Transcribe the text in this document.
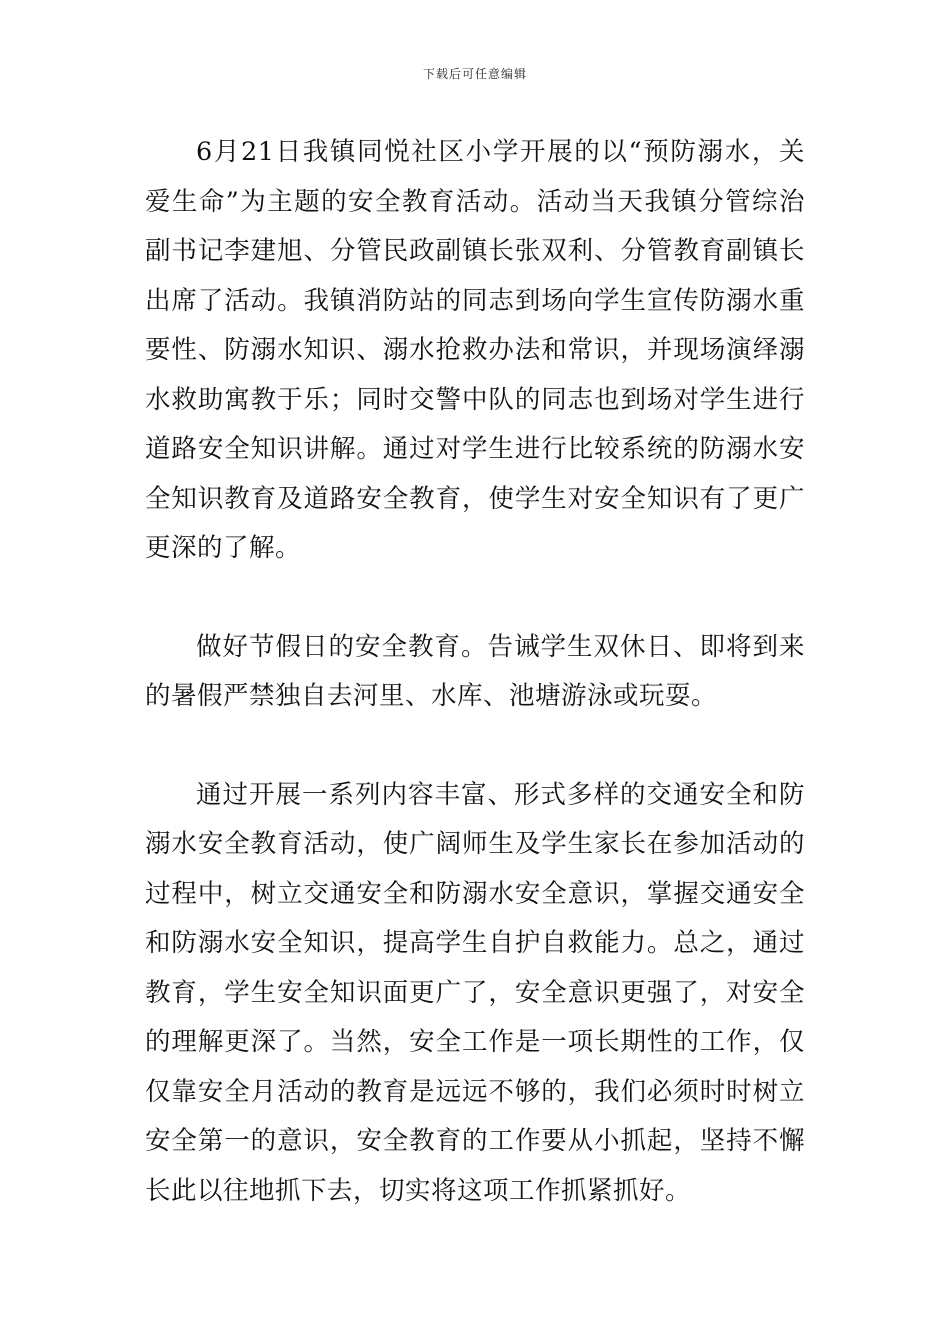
下载后可任意编辑

6月21日我镇同悦社区小学开展的以“预防溺水，关爱生命”为主题的安全教育活动。活动当天我镇分管综治副书记李建旭、分管民政副镇长张双利、分管教育副镇长出席了活动。我镇消防站的同志到场向学生宣传防溺水重要性、防溺水知识、溺水抢救办法和常识，并现场演绎溺水救助寓教于乐；同时交警中队的同志也到场对学生进行道路安全知识讲解。通过对学生进行比较系统的防溺水安全知识教育及道路安全教育，使学生对安全知识有了更广更深的了解。

做好节假日的安全教育。告诫学生双休日、即将到来的暑假严禁独自去河里、水库、池塘游泳或玩耍。

通过开展一系列内容丰富、形式多样的交通安全和防溺水安全教育活动，使广阔师生及学生家长在参加活动的过程中，树立交通安全和防溺水安全意识，掌握交通安全和防溺水安全知识，提高学生自护自救能力。总之，通过教育，学生安全知识面更广了，安全意识更强了，对安全的理解更深了。当然，安全工作是一项长期性的工作，仅仅靠安全月活动的教育是远远不够的，我们必须时时树立安全第一的意识，安全教育的工作要从小抓起，坚持不懈长此以往地抓下去，切实将这项工作抓紧抓好。
